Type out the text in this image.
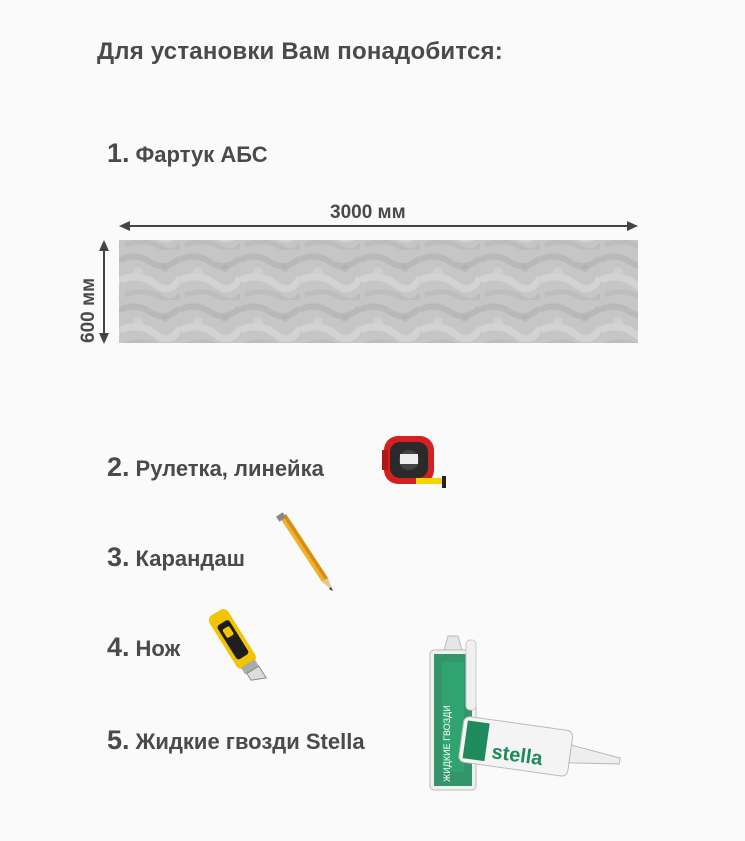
Для установки Вам понадобится:
1. Фартук АБС
3000 мм
600 мм
2. Рулетка, линейка
3. Карандаш
4. Нож
5. Жидкие гвозди Stella	stella
ЖИДКИЕ ГВОЗДИ
